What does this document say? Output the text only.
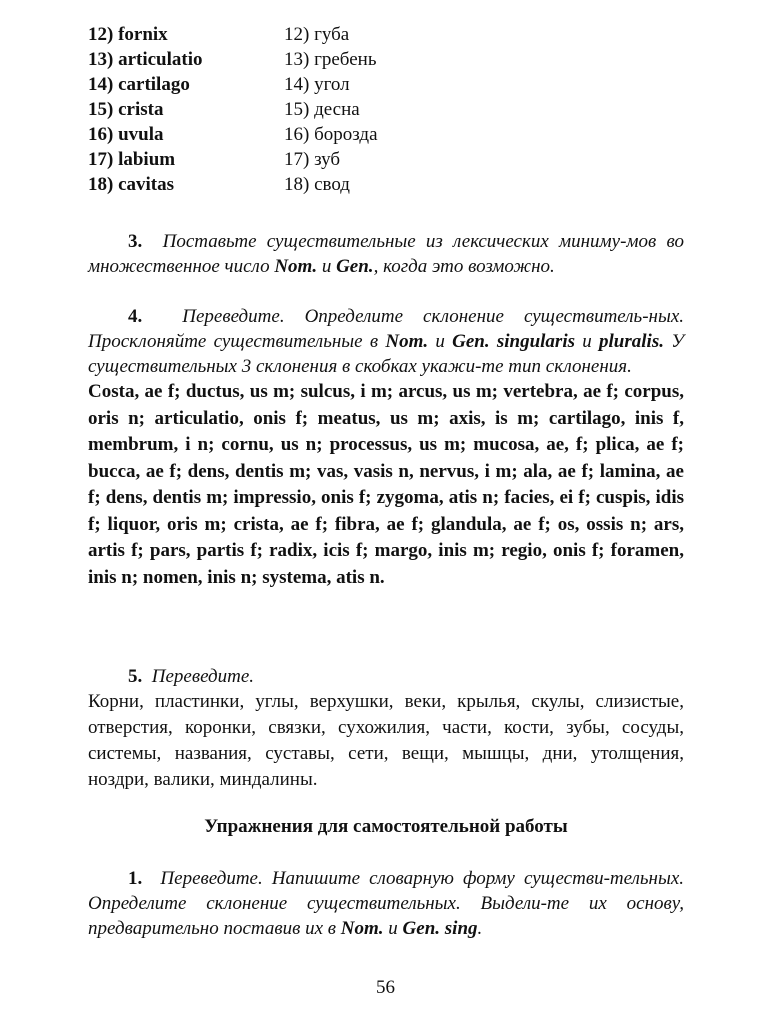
12) fornix	12) губа
13) articulatio	13) гребень
14) cartilago	14) угол
15) crista	15) десна
16) uvula	16) борозда
17) labium	17) зуб
18) cavitas	18) свод
3. Поставьте существительные из лексических миниму-мов во множественное число Nom. и Gen., когда это возможно.
4. Переведите. Определите склонение существитель-ных. Просклоняйте существительные в Nom. и Gen. singularis и pluralis. У существительных 3 склонения в скобках укажи-те тип склонения.
Costa, ae f; ductus, us m; sulcus, i m; arcus, us m; vertebra, ae f; corpus, oris n; articulatio, onis f; meatus, us m; axis, is m; cartilago, inis f, membrum, i n; cornu, us n; processus, us m; mucosa, ae, f; plica, ae f; bucca, ae f; dens, dentis m; vas, vasis n, nervus, i m; ala, ae f; lamina, ae f; dens, dentis m; impressio, onis f; zygoma, atis n; facies, ei f; cuspis, idis f; liquor, oris m; crista, ae f; fibra, ae f; glandula, ae f; os, ossis n; ars, artis f; pars, partis f; radix, icis f; margo, inis m; regio, onis f; foramen, inis n; nomen, inis n; systema, atis n.
5. Переведите.
Корни, пластинки, углы, верхушки, веки, крылья, скулы, слизистые, отверстия, коронки, связки, сухожилия, части, кости, зубы, сосуды, системы, названия, суставы, сети, вещи, мышцы, дни, утолщения, ноздри, валики, миндалины.
Упражнения для самостоятельной работы
1. Переведите. Напишите словарную форму существи-тельных. Определите склонение существительных. Выдели-те их основу, предварительно поставив их в Nom. и Gen. sing.
56
